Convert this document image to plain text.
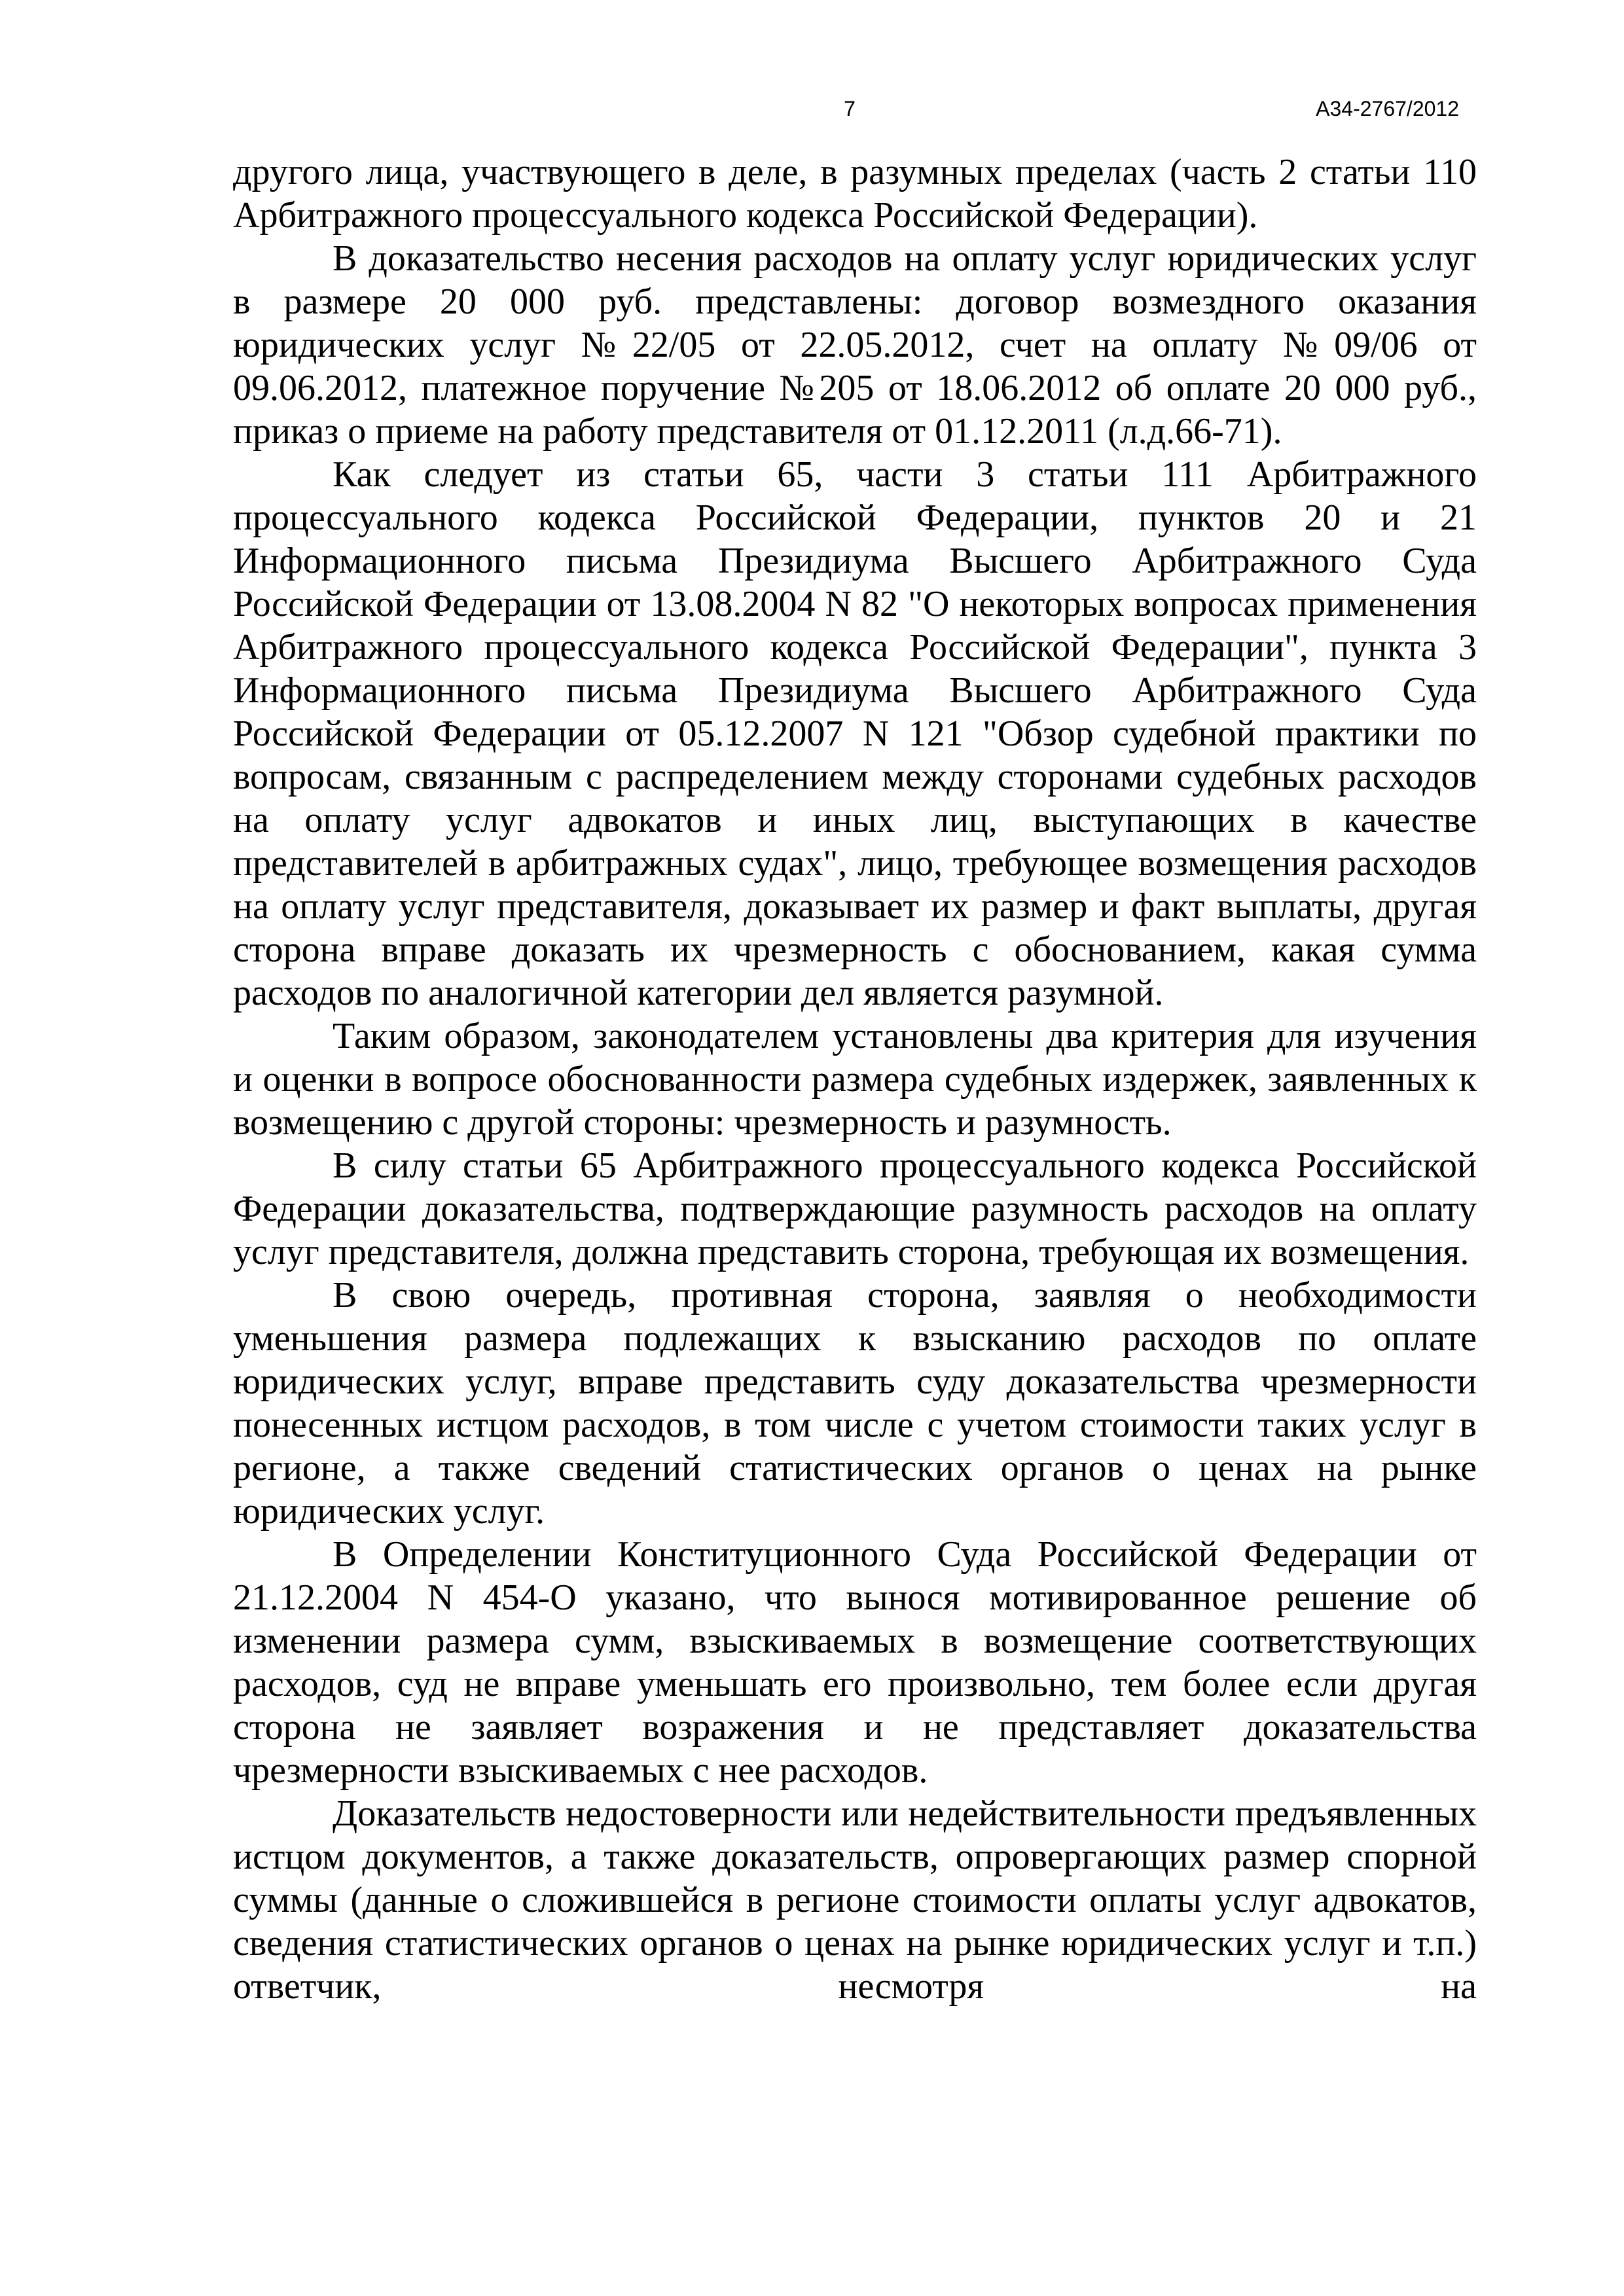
7	А34-2767/2012

другого лица, участвующего в деле, в разумных пределах (часть 2 статьи 110 Арбитражного процессуального кодекса Российской Федерации).

В доказательство несения расходов на оплату услуг юридических услуг в размере 20 000 руб. представлены: договор возмездного оказания юридических услуг №22/05 от 22.05.2012, счет на оплату №09/06 от 09.06.2012, платежное поручение №205 от 18.06.2012 об оплате 20 000 руб., приказ о приеме на работу представителя от 01.12.2011 (л.д.66-71).

Как следует из статьи 65, части 3 статьи 111 Арбитражного процессуального кодекса Российской Федерации, пунктов 20 и 21 Информационного письма Президиума Высшего Арбитражного Суда Российской Федерации от 13.08.2004 N 82 "О некоторых вопросах применения Арбитражного процессуального кодекса Российской Федерации", пункта 3 Информационного письма Президиума Высшего Арбитражного Суда Российской Федерации от 05.12.2007 N 121 "Обзор судебной практики по вопросам, связанным с распределением между сторонами судебных расходов на оплату услуг адвокатов и иных лиц, выступающих в качестве представителей в арбитражных судах", лицо, требующее возмещения расходов на оплату услуг представителя, доказывает их размер и факт выплаты, другая сторона вправе доказать их чрезмерность с обоснованием, какая сумма расходов по аналогичной категории дел является разумной.

Таким образом, законодателем установлены два критерия для изучения и оценки в вопросе обоснованности размера судебных издержек, заявленных к возмещению с другой стороны: чрезмерность и разумность.

В силу статьи 65 Арбитражного процессуального кодекса Российской Федерации доказательства, подтверждающие разумность расходов на оплату услуг представителя, должна представить сторона, требующая их возмещения.

В свою очередь, противная сторона, заявляя о необходимости уменьшения размера подлежащих к взысканию расходов по оплате юридических услуг, вправе представить суду доказательства чрезмерности понесенных истцом расходов, в том числе с учетом стоимости таких услуг в регионе, а также сведений статистических органов о ценах на рынке юридических услуг.

В Определении Конституционного Суда Российской Федерации от 21.12.2004 N 454-О указано, что вынося мотивированное решение об изменении размера сумм, взыскиваемых в возмещение соответствующих расходов, суд не вправе уменьшать его произвольно, тем более если другая сторона не заявляет возражения и не представляет доказательства чрезмерности взыскиваемых с нее расходов.

Доказательств недостоверности или недействительности предъявленных истцом документов, а также доказательств, опровергающих размер спорной суммы (данные о сложившейся в регионе стоимости оплаты услуг адвокатов, сведения статистических органов о ценах на рынке юридических услуг и т.п.) ответчик, несмотря на
